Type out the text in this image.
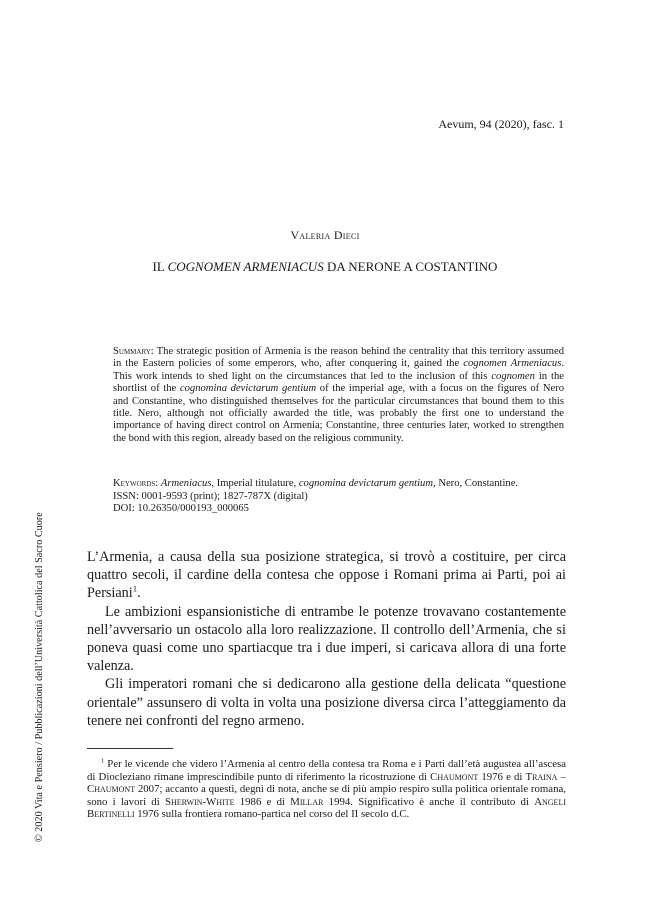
Aevum, 94 (2020), fasc. 1
Valeria Dieci
IL COGNOMEN ARMENIACUS DA NERONE A COSTANTINO
Summary: The strategic position of Armenia is the reason behind the centrality that this territory assumed in the Eastern policies of some emperors, who, after conquering it, gained the cognomen Armeniacus. This work intends to shed light on the circumstances that led to the inclusion of this cognomen in the shortlist of the cognomina devictarum gentium of the imperial age, with a focus on the figures of Nero and Constantine, who distinguished themselves for the particular circumstances that bound them to this title. Nero, although not officially awarded the title, was probably the first one to understand the importance of having direct control on Armenia; Constantine, three centuries later, worked to strengthen the bond with this region, already based on the religious community.
Keywords: Armeniacus, Imperial titulature, cognomina devictarum gentium, Nero, Constantine.
ISSN: 0001-9593 (print); 1827-787X (digital)
DOI: 10.26350/000193_000065

L’Armenia, a causa della sua posizione strategica, si trovò a costituire, per circa quattro secoli, il cardine della contesa che oppose i Romani prima ai Parti, poi ai Persiani$^1$.

Le ambizioni espansionistiche di entrambe le potenze trovavano costantemente nell’avversario un ostacolo alla loro realizzazione. Il controllo dell’Armenia, che si poneva quasi come uno spartiacque tra i due imperi, si caricava allora di una forte valenza.

Gli imperatori romani che si dedicarono alla gestione della delicata “questione orientale” assunsero di volta in volta una posizione diversa circa l’atteggiamento da tenere nei confronti del regno armeno.

$^1$ Per le vicende che videro l’Armenia al centro della contesa tra Roma e i Parti dall’età augustea all’ascesa di Diocleziano rimane imprescindibile punto di riferimento la ricostruzione di Chaumont 1976 e di Traina – Chaumont 2007; accanto a questi, degni di nota, anche se di più ampio respiro sulla politica orientale romana, sono i lavori di Sherwin-White 1986 e di Millar 1994. Significativo è anche il contributo di Angeli Bertinelli 1976 sulla frontiera romano-partica nel corso del II secolo d.C.
© 2020 Vita e Pensiero / Pubblicazioni dell’Università Cattolica del Sacro Cuore
